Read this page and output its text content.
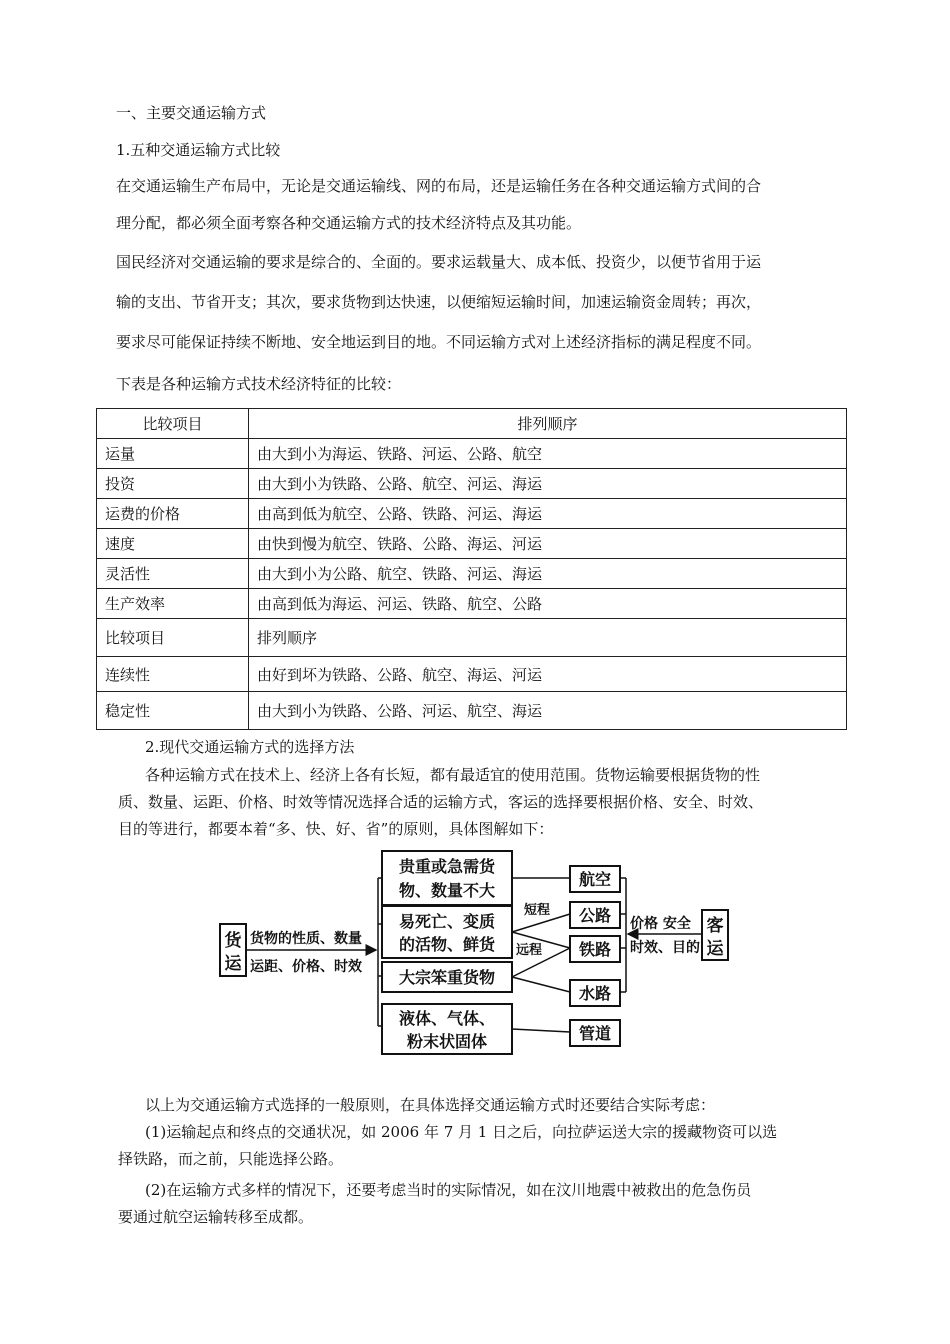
一、主要交通运输方式
1.五种交通运输方式比较
在交通运输生产布局中，无论是交通运输线、网的布局，还是运输任务在各种交通运输方式间的合
理分配，都必须全面考察各种交通运输方式的技术经济特点及其功能。
国民经济对交通运输的要求是综合的、全面的。要求运载量大、成本低、投资少，以便节省用于运
输的支出、节省开支；其次，要求货物到达快速，以便缩短运输时间，加速运输资金周转；再次，
要求尽可能保证持续不断地、安全地运到目的地。不同运输方式对上述经济指标的满足程度不同。
下表是各种运输方式技术经济特征的比较：
比较项目	排列顺序
运量	由大到小为海运、铁路、河运、公路、航空
投资	由大到小为铁路、公路、航空、河运、海运
运费的价格	由高到低为航空、公路、铁路、河运、海运
速度	由快到慢为航空、铁路、公路、海运、河运
灵活性	由大到小为公路、航空、铁路、河运、海运
生产效率	由高到低为海运、河运、铁路、航空、公路
比较项目	排列顺序
连续性	由好到坏为铁路、公路、航空、海运、河运
稳定性	由大到小为铁路、公路、河运、航空、海运
2.现代交通运输方式的选择方法
各种运输方式在技术上、经济上各有长短，都有最适宜的使用范围。货物运输要根据货物的性
质、数量、运距、价格、时效等情况选择合适的运输方式，客运的选择要根据价格、安全、时效、
目的等进行，都要本着“多、快、好、省”的原则，具体图解如下：
货
运
货物的性质、数量
运距、价格、时效
贵重或急需货
物、数量不大
易死亡、变质
的活物、鲜货
大宗笨重货物
液体、气体、
粉末状固体
短程
远程
航空
公路
铁路
水路
管道
价格 安全
时效、目的
客
运
以上为交通运输方式选择的一般原则，在具体选择交通运输方式时还要结合实际考虑：
(1)运输起点和终点的交通状况，如 2006 年 7 月 1 日之后，向拉萨运送大宗的援藏物资可以选
择铁路，而之前，只能选择公路。
(2)在运输方式多样的情况下，还要考虑当时的实际情况，如在汶川地震中被救出的危急伤员
要通过航空运输转移至成都。
